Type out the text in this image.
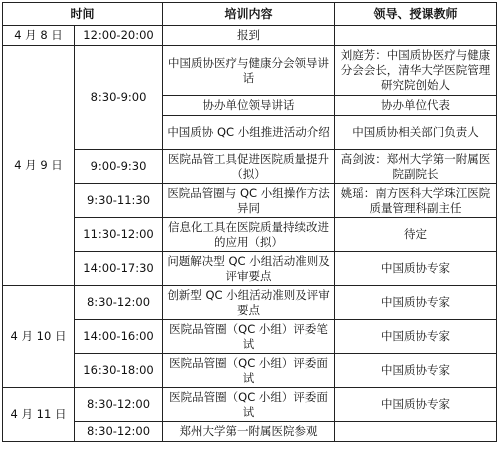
时间		培训内容	领导、授课教师
4 月 8 日	12:00-20:00	报到	
4 月 9 日	8:30-9:00	中国质协医疗与健康分会领导讲话	刘庭芳：中国质协医疗与健康分会会长，清华大学医院管理研究院创始人
		协办单位领导讲话	协办单位代表
		中国质协 QC 小组推进活动介绍	中国质协相关部门负责人
	9:00-9:30	医院品管工具促进医院质量提升（拟）	高剑波：郑州大学第一附属医院副院长
	9:30-11:30	医院品管圈与 QC 小组操作方法异同	姚瑶：南方医科大学珠江医院质量管理科副主任
	11:30-12:00	信息化工具在医院质量持续改进的应用（拟）	待定
	14:00-17:30	问题解决型 QC 小组活动准则及评审要点	中国质协专家
4 月 10 日	8:30-12:00	创新型 QC 小组活动准则及评审要点	中国质协专家
	14:00-16:00	医院品管圈（QC 小组）评委笔试	中国质协专家
	16:30-18:00	医院品管圈（QC 小组）评委面试	中国质协专家
4 月 11 日	8:30-12:00	医院品管圈（QC 小组）评委面试	中国质协专家
	8:30-12:00	郑州大学第一附属医院参观	
